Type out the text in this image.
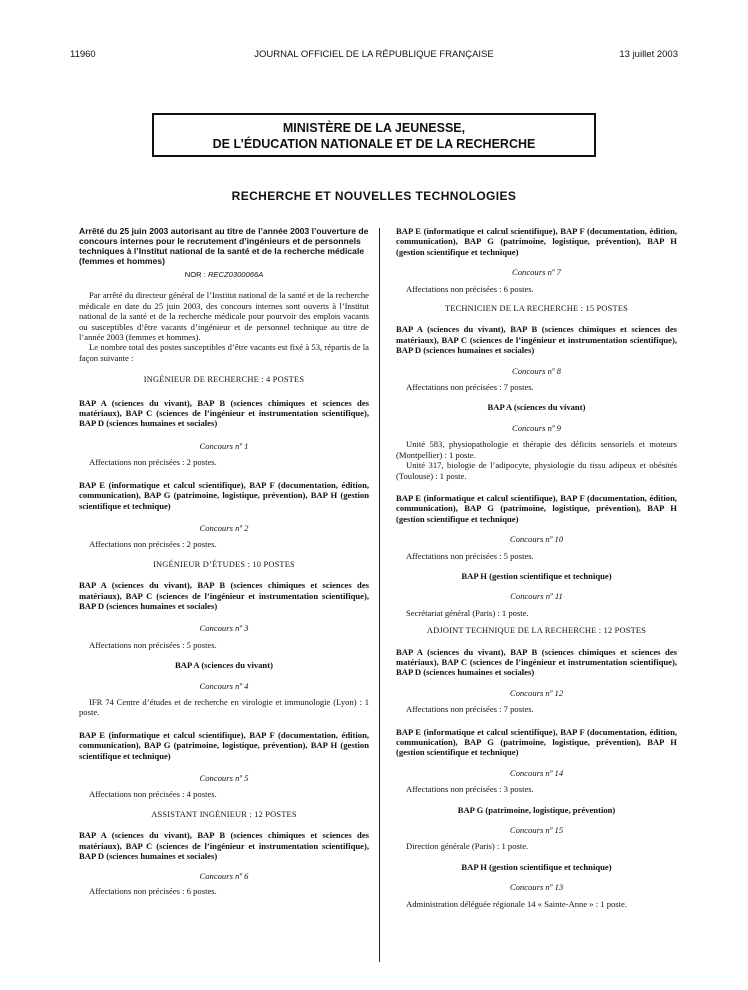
11960	JOURNAL OFFICIEL DE LA RÉPUBLIQUE FRANÇAISE	13 juillet 2003
MINISTÈRE DE LA JEUNESSE,
DE L’ÉDUCATION NATIONALE ET DE LA RECHERCHE
RECHERCHE ET NOUVELLES TECHNOLOGIES

Arrêté du 25 juin 2003 autorisant au titre de l’année 2003 l’ouverture de concours internes pour le recrutement d’ingénieurs et de personnels techniques à l’Institut national de la santé et de la recherche médicale (femmes et hommes)

NOR : RECZ0300066A

Par arrêté du directeur général de l’Institut national de la santé et de la recherche médicale en date du 25 juin 2003, des concours internes sont ouverts à l’Institut national de la santé et de la recherche médicale pour pourvoir des emplois vacants ou susceptibles d’être vacants d’ingénieur et de personnel technique au titre de l’année 2003 (femmes et hommes).

Le nombre total des postes susceptibles d’être vacants est fixé à 53, répartis de la façon suivante :

INGÉNIEUR DE RECHERCHE : 4 POSTES

BAP A (sciences du vivant), BAP B (sciences chimiques et sciences des matériaux), BAP C (sciences de l’ingénieur et instrumentation scientifique), BAP D (sciences humaines et sociales)

Concours nº 1

Affectations non précisées : 2 postes.

BAP E (informatique et calcul scientifique), BAP F (documentation, édition, communication), BAP G (patrimoine, logistique, prévention), BAP H (gestion scientifique et technique)

Concours nº 2

Affectations non précisées : 2 postes.

INGÉNIEUR D’ÉTUDES : 10 POSTES

BAP A (sciences du vivant), BAP B (sciences chimiques et sciences des matériaux), BAP C (sciences de l’ingénieur et instrumentation scientifique), BAP D (sciences humaines et sociales)

Concours nº 3

Affectations non précisées : 5 postes.

BAP A (sciences du vivant)

Concours nº 4

IFR 74 Centre d’études et de recherche en virologie et immunologie (Lyon) : 1 poste.

BAP E (informatique et calcul scientifique), BAP F (documentation, édition, communication), BAP G (patrimoine, logistique, prévention), BAP H (gestion scientifique et technique)

Concours nº 5

Affectations non précisées : 4 postes.

ASSISTANT INGÉNIEUR : 12 POSTES

BAP A (sciences du vivant), BAP B (sciences chimiques et sciences des matériaux), BAP C (sciences de l’ingénieur et instrumentation scientifique), BAP D (sciences humaines et sociales)

Concours nº 6

Affectations non précisées : 6 postes.

BAP E (informatique et calcul scientifique), BAP F (documentation, édition, communication), BAP G (patrimoine, logistique, prévention), BAP H (gestion scientifique et technique)

Concours nº 7

Affectations non précisées : 6 postes.

TECHNICIEN DE LA RECHERCHE : 15 POSTES

BAP A (sciences du vivant), BAP B (sciences chimiques et sciences des matériaux), BAP C (sciences de l’ingénieur et instrumentation scientifique), BAP D (sciences humaines et sociales)

Concours nº 8

Affectations non précisées : 7 postes.

BAP A (sciences du vivant)

Concours nº 9

Unité 583, physiopathologie et thérapie des déficits sensoriels et moteurs (Montpellier) : 1 poste.

Unité 317, biologie de l’adipocyte, physiologie du tissu adipeux et obésités (Toulouse) : 1 poste.

BAP E (informatique et calcul scientifique), BAP F (documentation, édition, communication), BAP G (patrimoine, logistique, prévention), BAP H (gestion scientifique et technique)

Concours nº 10

Affectations non précisées : 5 postes.

BAP H (gestion scientifique et technique)

Concours nº 11

Secrétariat général (Paris) : 1 poste.

ADJOINT TECHNIQUE DE LA RECHERCHE : 12 POSTES

BAP A (sciences du vivant), BAP B (sciences chimiques et sciences des matériaux), BAP C (sciences de l’ingénieur et instrumentation scientifique), BAP D (sciences humaines et sociales)

Concours nº 12

Affectations non précisées : 7 postes.

BAP E (informatique et calcul scientifique), BAP F (documentation, édition, communication), BAP G (patrimoine, logistique, prévention), BAP H (gestion scientifique et technique)

Concours nº 14

Affectations non précisées : 3 postes.

BAP G (patrimoine, logistique, prévention)

Concours nº 15

Direction générale (Paris) : 1 poste.

BAP H (gestion scientifique et technique)

Concours nº 13

Administration déléguée régionale 14 « Sainte-Anne » : 1 poste.
